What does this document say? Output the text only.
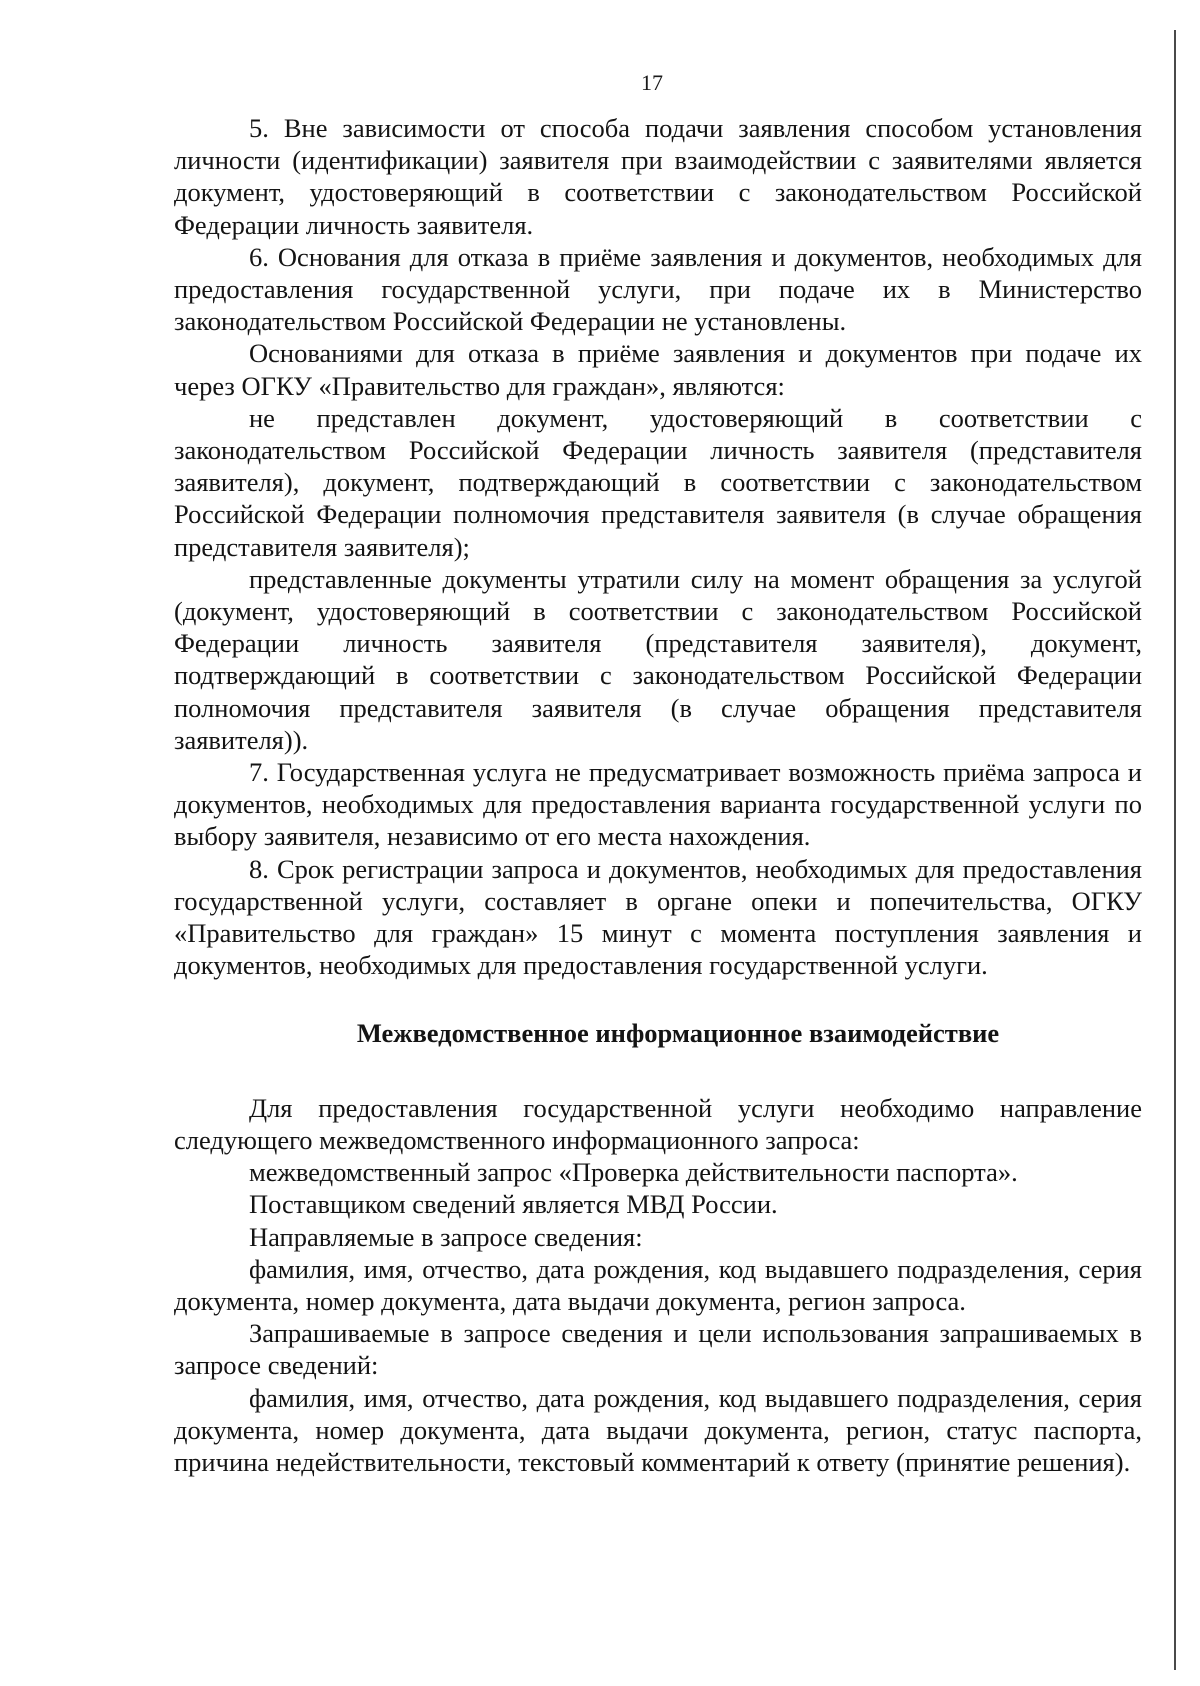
17

5. Вне зависимости от способа подачи заявления способом установления личности (идентификации) заявителя при взаимодействии с заявителями является документ, удостоверяющий в соответствии с законодательством Российской Федерации личность заявителя.

6. Основания для отказа в приёме заявления и документов, необходимых для предоставления государственной услуги, при подаче их в Министерство законодательством Российской Федерации не установлены.

Основаниями для отказа в приёме заявления и документов при подаче их через ОГКУ «Правительство для граждан», являются:

не представлен документ, удостоверяющий в соответствии с законодательством Российской Федерации личность заявителя (представителя заявителя), документ, подтверждающий в соответствии с законодательством Российской Федерации полномочия представителя заявителя (в случае обращения представителя заявителя);

представленные документы утратили силу на момент обращения за услугой (документ, удостоверяющий в соответствии с законодательством Российской Федерации личность заявителя (представителя заявителя), документ, подтверждающий в соответствии с законодательством Российской Федерации полномочия представителя заявителя (в случае обращения представителя заявителя)).

7. Государственная услуга не предусматривает возможность приёма запроса и документов, необходимых для предоставления варианта государственной услуги по выбору заявителя, независимо от его места нахождения.

8. Срок регистрации запроса и документов, необходимых для предоставления государственной услуги, составляет в органе опеки и попечительства, ОГКУ «Правительство для граждан» 15 минут с момента поступления заявления и документов, необходимых для предоставления государственной услуги.

Межведомственное информационное взаимодействие

Для предоставления государственной услуги необходимо направление следующего межведомственного информационного запроса:

межведомственный запрос «Проверка действительности паспорта».

Поставщиком сведений является МВД России.

Направляемые в запросе сведения:

фамилия, имя, отчество, дата рождения, код выдавшего подразделения, серия документа, номер документа, дата выдачи документа, регион запроса.

Запрашиваемые в запросе сведения и цели использования запрашиваемых в запросе сведений:

фамилия, имя, отчество, дата рождения, код выдавшего подразделения, серия документа, номер документа, дата выдачи документа, регион, статус паспорта, причина недействительности, текстовый комментарий к ответу (принятие решения).
